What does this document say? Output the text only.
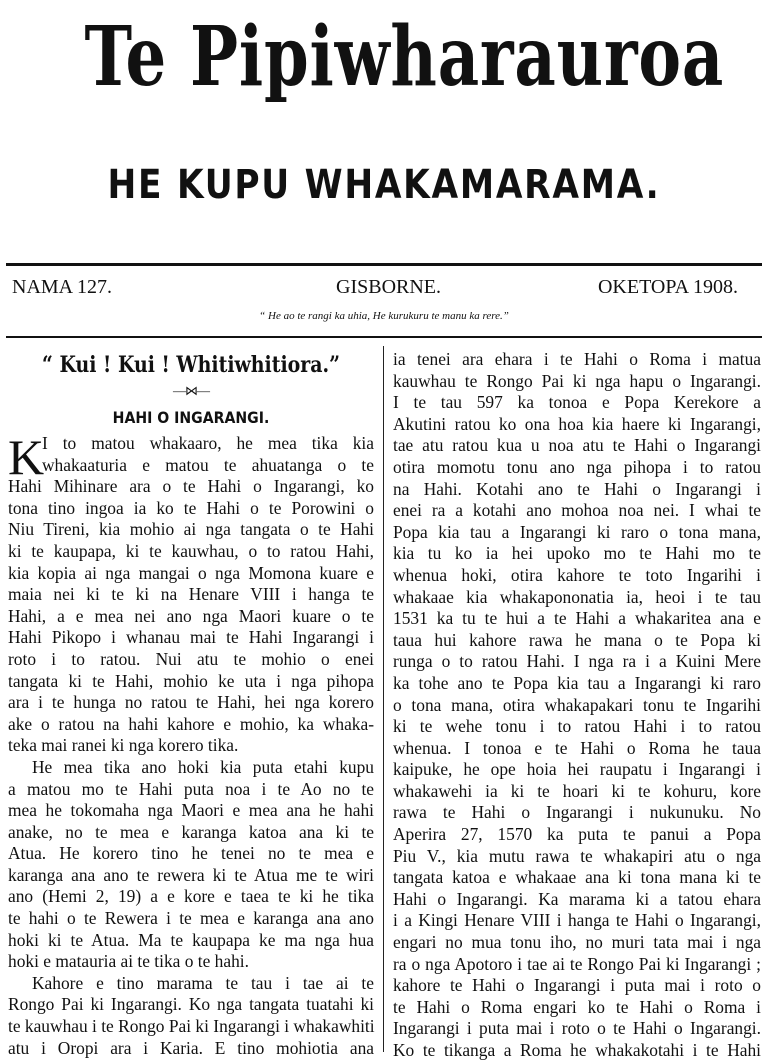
Te Pipiwharauroa
HE KUPU WHAKAMARAMA.
NAMA 127.	GISBORNE.	OKETOPA 1908.
“ He ao te rangi ka uhia, He kurukuru te manu ka rere.”
“ Kui ! Kui ! Whitiwhitiora.”
—⋈—
HAHI O INGARANGI.
K
I to matou whakaaro, he mea tika kia
whakaaturia e matou te ahuatanga o te
Hahi Mihinare ara o te Hahi o Ingarangi, ko
tona tino ingoa ia ko te Hahi o te Porowini o
Niu Tireni, kia mohio ai nga tangata o te Hahi
ki te kaupapa, ki te kauwhau, o to ratou Hahi,
kia kopia ai nga mangai o nga Momona kuare e
maia nei ki te ki na Henare VIII i hanga te
Hahi, a e mea nei ano nga Maori kuare o te
Hahi Pikopo i whanau mai te Hahi Ingarangi i
roto i to ratou. Nui atu te mohio o enei
tangata ki te Hahi, mohio ke uta i nga pihopa
ara i te hunga no ratou te Hahi, hei nga korero
ake o ratou na hahi kahore e mohio, ka whaka-
teka mai ranei ki nga korero tika.
He mea tika ano hoki kia puta etahi kupu
a matou mo te Hahi puta noa i te Ao no te
mea he tokomaha nga Maori e mea ana he hahi
anake, no te mea e karanga katoa ana ki te
Atua. He korero tino he tenei no te mea e
karanga ana ano te rewera ki te Atua me te wiri
ano (Hemi 2, 19) a e kore e taea te ki he tika
te hahi o te Rewera i te mea e karanga ana ano
hoki ki te Atua. Ma te kaupapa ke ma nga hua
hoki e matauria ai te tika o te hahi.
Kahore e tino marama te tau i tae ai te
Rongo Pai ki Ingarangi. Ko nga tangata tuatahi ki
te kauwhau i te Rongo Pai ki Ingarangi i whakawhiti
atu i Oropi ara i Karia. E tino mohiotia ana
ia tenei ara ehara i te Hahi o Roma i matua
kauwhau te Rongo Pai ki nga hapu o Ingarangi.
I te tau 597 ka tonoa e Popa Kerekore a
Akutini ratou ko ona hoa kia haere ki Ingarangi,
tae atu ratou kua u noa atu te Hahi o Ingarangi
otira momotu tonu ano nga pihopa i to ratou
na Hahi. Kotahi ano te Hahi o Ingarangi i
enei ra a kotahi ano mohoa noa nei. I whai te
Popa kia tau a Ingarangi ki raro o tona mana,
kia tu ko ia hei upoko mo te Hahi mo te
whenua hoki, otira kahore te toto Ingarihi i
whakaae kia whakapononatia ia, heoi i te tau
1531 ka tu te hui a te Hahi a whakaritea ana e
taua hui kahore rawa he mana o te Popa ki
runga o to ratou Hahi. I nga ra i a Kuini Mere
ka tohe ano te Popa kia tau a Ingarangi ki raro
o tona mana, otira whakapakari tonu te Ingarihi
ki te wehe tonu i to ratou Hahi i to ratou
whenua. I tonoa e te Hahi o Roma he taua
kaipuke, he ope hoia hei raupatu i Ingarangi i
whakawehi ia ki te hoari ki te kohuru, kore
rawa te Hahi o Ingarangi i nukunuku. No
Aperira 27, 1570 ka puta te panui a Popa
Piu V., kia mutu rawa te whakapiri atu o nga
tangata katoa e whakaae ana ki tona mana ki te
Hahi o Ingarangi. Ka marama ki a tatou ehara
i a Kingi Henare VIII i hanga te Hahi o Ingarangi,
engari no mua tonu iho, no muri tata mai i nga
ra o nga Apotoro i tae ai te Rongo Pai ki Ingarangi ;
kahore te Hahi o Ingarangi i puta mai i roto o
te Hahi o Roma engari ko te Hahi o Roma i
Ingarangi i puta mai i roto o te Hahi o Ingarangi.
Ko te tikanga a Roma he whakakotahi i te Hahi
